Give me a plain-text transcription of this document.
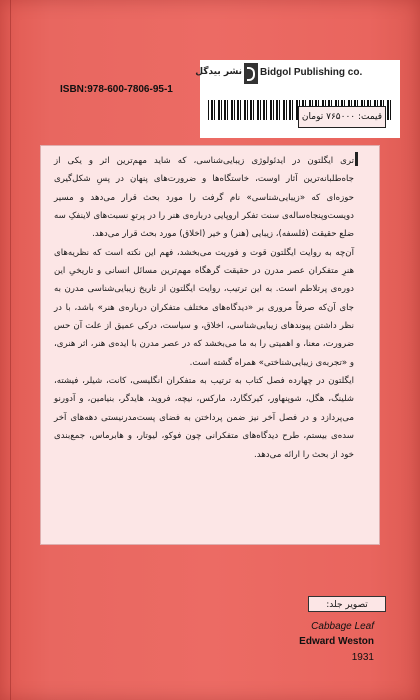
نشر بیدگل Bidgol Publishing co.
ISBN:978-600-7806-95-1
قیمت: ۷۶۵۰۰۰ تومان

تری ایگلتون در ایدئولوژی زیبایی‌شناسی، که شاید مهم‌ترین اثر و یکی از جاه‌طلبانه‌ترین آثار اوست، خاستگاه‌ها و ضرورت‌های پنهان در پسِ شکل‌گیری حوزه‌ای که «زیبایی‌شناسی» نام گرفت را مورد بحث قرار می‌دهد و مسیر دویست‌وپنجاه‌ساله‌ی سنت تفکر اروپایی درباره‌ی هنر را در پرتوِ نسبت‌های لاینفکِ سه ضلع حقیقت (فلسفه)، زیبایی (هنر) و خیر (اخلاق) مورد بحث قرار می‌دهد.

آن‌چه به روایت ایگلتون قوت و فوریت می‌بخشد، فهم این نکته است که نظریه‌های هنرِ متفکران عصر مدرن در حقیقت گرهگاه مهم‌ترین مسائل انسانی و تاریخیِ این دوره‌ی پرتلاطم است. به این ترتیب، روایت ایگلتون از تاریخ زیبایی‌شناسی مدرن به جای آن‌که صرفاً مروری بر «دیدگاه‌های مختلف متفکران درباره‌ی هنر» باشد، با در نظر داشتن پیوندهای زیبایی‌شناسی، اخلاق، و سیاست، درکی عمیق از علت آن حس ضرورت، معنا، و اهمیتی را به ما می‌بخشد که در عصر مدرن با ایده‌ی هنر، اثر هنری، و «تجربه‌ی زیبایی‌شناختی» همراه گشته است.

ایگلتون در چهارده فصل کتاب به ترتیب به متفکران انگلیسی، کانت، شیلر، فیشته، شلینگ، هگل، شوپنهاور، کیرکگارد، مارکس، نیچه، فروید، هایدگر، بنیامین، و آدورنو می‌پردازد و در فصل آخر نیز ضمن پرداختن به فضای پست‌مدرنیستی دهه‌های آخر سده‌ی بیستم، طرح دیدگاه‌های متفکرانی چون فوکو، لیوتار، و هابرماس، جمع‌بندی خود از بحث را ارائه می‌دهد.

تصویر جلد:
Cabbage Leaf
Edward Weston
1931
